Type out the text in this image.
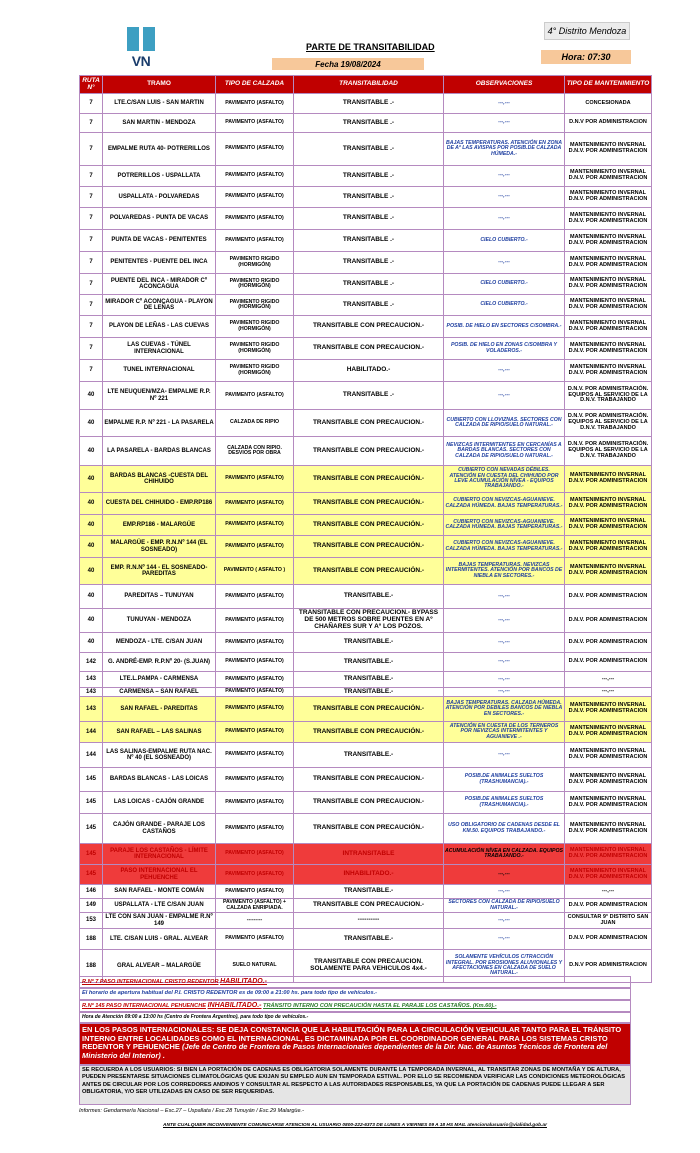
VN
PARTE DE TRANSITABILIDAD
4° Distrito Mendoza
Fecha 19/08/2024
Hora: 07:30
RUTA N°	TRAMO	TIPO DE CALZADA	TRANSITABILIDAD	OBSERVACIONES	TIPO DE MANTENIMIENTO
7	LTE.C/SAN LUIS - SAN MARTIN	PAVIMENTO (ASFALTO)	TRANSITABLE .-	---,---	CONCESIONADA
7	SAN MARTIN - MENDOZA	PAVIMENTO (ASFALTO)	TRANSITABLE .-	---,---	D.N.V POR ADMINISTRACION
7	EMPALME RUTA 40- POTRERILLOS	PAVIMENTO (ASFALTO)	TRANSITABLE .-	BAJAS TEMPERATURAS. ATENCIÓN EN ZONA DE Aº LAS AVISPAS POR POSIB.DE CALZADA HÚMEDA.-	MANTENIMIENTO INVERNAL D.N.V. POR ADMINISTRACION
7	POTRERILLOS - USPALLATA	PAVIMENTO (ASFALTO)	TRANSITABLE .-	---,---	MANTENIMIENTO INVERNAL D.N.V. POR ADMINISTRACION
7	USPALLATA - POLVAREDAS	PAVIMENTO (ASFALTO)	TRANSITABLE .-	---,---	MANTENIMIENTO INVERNAL D.N.V. POR ADMINISTRACION
7	POLVAREDAS - PUNTA DE VACAS	PAVIMENTO (ASFALTO)	TRANSITABLE .-	---,---	MANTENIMIENTO INVERNAL D.N.V. POR ADMINISTRACION
7	PUNTA DE VACAS - PENITENTES	PAVIMENTO (ASFALTO)	TRANSITABLE .-	CIELO CUBIERTO.-	MANTENIMIENTO INVERNAL D.N.V. POR ADMINISTRACION
7	PENITENTES - PUENTE DEL INCA	PAVIMENTO RIGIDO (HORMIGÓN)	TRANSITABLE .-	---,---	MANTENIMIENTO INVERNAL D.N.V. POR ADMINISTRACION
7	PUENTE DEL INCA - MIRADOR Cº ACONCAGUA	PAVIMENTO RIGIDO (HORMIGÓN)	TRANSITABLE .-	CIELO CUBIERTO.-	MANTENIMIENTO INVERNAL D.N.V. POR ADMINISTRACION
7	MIRADOR Cº ACONCAGUA - PLAYON DE LEÑAS	PAVIMENTO RIGIDO (HORMIGÓN)	TRANSITABLE .-	CIELO CUBIERTO.-	MANTENIMIENTO INVERNAL D.N.V. POR ADMINISTRACION
7	PLAYON DE LEÑAS - LAS CUEVAS	PAVIMENTO RIGIDO (HORMIGÓN)	TRANSITABLE CON PRECAUCION.-	POSIB. DE HIELO EN SECTORES C/SOMBRA.-	MANTENIMIENTO INVERNAL D.N.V. POR ADMINISTRACION
7	LAS CUEVAS - TÚNEL INTERNACIONAL	PAVIMENTO RIGIDO (HORMIGÓN)	TRANSITABLE CON PRECAUCION.-	POSIB. DE HIELO EN ZONAS C/SOMBRA Y VOLADEROS.-	MANTENIMIENTO INVERNAL D.N.V. POR ADMINISTRACION
7	TUNEL INTERNACIONAL	PAVIMENTO RIGIDO (HORMIGÓN)	HABILITADO.-	---,---	MANTENIMIENTO INVERNAL D.N.V. POR ADMINISTRACION
40	LTE NEUQUEN/MZA- EMPALME R.P. Nº 221	PAVIMENTO (ASFALTO)	TRANSITABLE .-	---,---	D.N.V. POR ADMINISTRACIÓN. EQUIPOS AL SERVICIO DE LA D.N.V. TRABAJANDO
40	EMPALME R.P. Nº 221 - LA PASARELA	CALZADA DE RIPIO	TRANSITABLE CON PRECAUCION.-	CUBIERTO CON LLOVIZNAS. SECTORES CON CALZADA DE RIPIO/SUELO NATURAL.-	D.N.V. POR ADMINISTRACIÓN. EQUIPOS AL SERVICIO DE LA D.N.V. TRABAJANDO
40	LA PASARELA - BARDAS BLANCAS	CALZADA CON RIPIO. DESVIOS POR OBRA	TRANSITABLE CON PRECAUCION.-	NEVIZCAS INTERMITENTES EN CERCANÍAS A BARDAS BLANCAS. SECTORES CON CALZADA DE RIPIO/SUELO NATURAL.-	D.N.V. POR ADMINISTRACIÓN. EQUIPOS AL SERVICIO DE LA D.N.V. TRABAJANDO
40	BARDAS BLANCAS -CUESTA DEL CHIHUIDO	PAVIMENTO (ASFALTO)	TRANSITABLE CON PRECAUCIÓN.-	CUBIERTO CON NEVADAS DÉBILES. ATENCIÓN EN CUESTA DEL CHIHUIDO POR LEVE ACUMULACIÓN NÍVEA - EQUIPOS TRABAJANDO.-	MANTENIMIENTO INVERNAL D.N.V. POR ADMINISTRACION
40	CUESTA DEL CHIHUIDO - EMP.RP186	PAVIMENTO (ASFALTO)	TRANSITABLE CON PRECAUCIÓN.-	CUBIERTO CON NEVIZCAS-AGUANIEVE. CALZADA HÚMEDA. BAJAS TEMPERATURAS.-	MANTENIMIENTO INVERNAL D.N.V. POR ADMINISTRACION
40	EMP.RP186 - MALARGÜE	PAVIMENTO (ASFALTO)	TRANSITABLE CON PRECAUCIÓN.-	CUBIERTO CON NEVIZCAS-AGUANIEVE. CALZADA HÚMEDA. BAJAS TEMPERATURAS.-	MANTENIMIENTO INVERNAL D.N.V. POR ADMINISTRACION
40	MALARGÜE - EMP. R.N.Nº 144 (EL SOSNEADO)	PAVIMENTO (ASFALTO)	TRANSITABLE CON PRECAUCIÓN.-	CUBIERTO CON NEVIZCAS-AGUANIEVE. CALZADA HÚMEDA. BAJAS TEMPERATURAS.-	MANTENIMIENTO INVERNAL D.N.V. POR ADMINISTRACION
40	EMP. R.N.Nº 144 - EL SOSNEADO- PAREDITAS	PAVIMENTO ( ASFALTO )	TRANSITABLE CON PRECAUCIÓN.-	BAJAS TEMPERATURAS. NEVIZCAS INTERMITENTES. ATENCIÓN POR BANCOS DE NIEBLA EN SECTORES.-	MANTENIMIENTO INVERNAL D.N.V. POR ADMINISTRACION
40	PAREDITAS – TUNUYAN	PAVIMENTO (ASFALTO)	TRANSITABLE.-	---,---	D.N.V. POR ADMINISTRACION
40	TUNUYAN - MENDOZA	PAVIMENTO (ASFALTO)	TRANSITABLE CON PRECAUCION.- BYPASS DE 500 METROS SOBRE PUENTES EN Aº CHAÑARES SUR Y Aº LOS POZOS.	---,---	D.N.V. POR ADMINISTRACION
40	MENDOZA - LTE. C/SAN JUAN	PAVIMENTO (ASFALTO)	TRANSITABLE.-	---,---	D.N.V. POR ADMINISTRACION
142	G. ANDRÉ-EMP. R.P.Nº 20- (S.JUAN)	PAVIMENTO (ASFALTO)	TRANSITABLE.-	---,---	D.N.V. POR ADMINISTRACION
143	LTE.L.PAMPA - CARMENSA	PAVIMENTO (ASFALTO)	TRANSITABLE.-	---,---	---,---
143	CARMENSA – SAN RAFAEL	PAVIMENTO (ASFALTO)	TRANSITABLE.-	---,---	---,---
143	SAN RAFAEL - PAREDITAS	PAVIMENTO (ASFALTO)	TRANSITABLE CON PRECAUCIÓN.-	BAJAS TEMPERATURAS. CALZADA HÚMEDA. ATENCIÓN POR DEBILES BANCOS DE NIEBLA EN SECTORES.-	MANTENIMIENTO INVERNAL D.N.V. POR ADMINISTRACION
144	SAN RAFAEL – LAS SALINAS	PAVIMENTO (ASFALTO)	TRANSITABLE CON PRECAUCIÓN.-	ATENCIÓN EN CUESTA DE LOS TERNEROS POR NEVIZCAS INTERMITENTES Y AGUANIEVE .-	MANTENIMIENTO INVERNAL D.N.V. POR ADMINISTRACION
144	LAS SALINAS-EMPALME RUTA NAC. Nº 40 (EL SOSNEADO)	PAVIMENTO (ASFALTO)	TRANSITABLE.-	---,---	MANTENIMIENTO INVERNAL D.N.V. POR ADMINISTRACION
145	BARDAS BLANCAS - LAS LOICAS	PAVIMENTO (ASFALTO)	TRANSITABLE CON PRECAUCION.-	POSIB.DE ANIMALES SUELTOS (TRASHUMANCIA).-	MANTENIMIENTO INVERNAL D.N.V. POR ADMINISTRACION
145	LAS LOICAS - CAJÓN GRANDE	PAVIMENTO (ASFALTO)	TRANSITABLE CON PRECAUCION.-	POSIB.DE ANIMALES SUELTOS (TRASHUMANCIA).-	MANTENIMIENTO INVERNAL D.N.V. POR ADMINISTRACION
145	CAJÓN GRANDE - PARAJE LOS CASTAÑOS	PAVIMENTO (ASFALTO)	TRANSITABLE CON PRECAUCIÓN.-	USO OBLIGATORIO DE CADENAS DESDE EL KM.50. EQUIPOS TRABAJANDO.-	MANTENIMIENTO INVERNAL D.N.V. POR ADMINISTRACION
145	PARAJE LOS CASTAÑOS - LÍMITE INTERNACIONAL	PAVIMENTO (ASFALTO)	INTRANSITABLE	ACUMULACIÓN NÍVEA EN CALZADA. EQUIPOS TRABAJANDO.-	MANTENIMIENTO INVERNAL D.N.V. POR ADMINISTRACION
145	PASO INTERNACIONAL EL PEHUENCHE	PAVIMENTO (ASFALTO)	INHABILITADO.-	---,---	MANTENIMIENTO INVERNAL D.N.V. POR ADMINISTRACION
146	SAN RAFAEL - MONTE COMÁN	PAVIMENTO (ASFALTO)	TRANSITABLE.-	---,---	---,---
149	USPALLATA - LTE C/SAN JUAN	PAVIMENTO (ASFALTO) + CALZADA ENRIPIADA.	TRANSITABLE CON PRECAUCION.-	SECTORES CON CALZADA DE RIPIO/SUELO NATURAL.-	D.N.V. POR ADMINISTRACION
153	LTE CON SAN JUAN - EMPALME R.Nº 149	---------	----------	---,---	CONSULTAR 9° DISTRITO SAN JUAN
188	LTE. C/SAN LUIS - GRAL. ALVEAR	PAVIMENTO (ASFALTO)	TRANSITABLE.-	---,---	D.N.V. POR ADMINISTRACION
188	GRAL ALVEAR – MALARGÜE	SUELO NATURAL	TRANSITABLE CON PRECAUCION. SOLAMENTE PARA VEHICULOS 4x4.-	SOLAMENTE VEHÍCULOS C/TRACCIÓN INTEGRAL. POR EROSIONES ALUVIONALES Y AFECTACIONES EN CALZADA DE SUELO NATURAL.-	D.N.V POR ADMINISTRACION
R.Nº 7 PASO INTERNACIONAL CRISTO REDENTOR HABILITADO.-
El horario de apertura habitual del P.I. CRISTO REDENTOR es de 09:00 a 21:00 hs. para todo tipo de vehículos.-
R.Nº 145 PASO INTERNACIONAL PEHUENCHE INHABILITADO.- TRÁNSITO INTERNO CON PRECAUCIÓN HASTA EL PARAJE LOS CASTAÑOS. (Km.60).-
Hora de Atención 09:00 a 13:00 hs (Centro de Frontera Argentino), para todo tipo de vehículos.-
EN LOS PASOS INTERNACIONALES: SE DEJA CONSTANCIA QUE LA HABILITACIÓN PARA LA CIRCULACIÓN VEHICULAR TANTO PARA EL TRÁNSITO INTERNO ENTRE LOCALIDADES COMO EL INTERNACIONAL, ES DICTAMINADA POR EL COORDINADOR GENERAL PARA LOS SISTEMAS CRISTO REDENTOR Y PEHUENCHE (Jefe de Centro de Frontera de Pasos Internacionales dependientes de la Dir. Nac. de Asuntos Técnicos de Frontera del Ministerio del Interior) .
SE RECUERDA A LOS USUARIOS: SI BIEN LA PORTACIÓN DE CADENAS ES OBLIGATORIA SOLAMENTE DURANTE LA TEMPORADA INVERNAL, AL TRANSITAR ZONAS DE MONTAÑA Y DE ALTURA, PUEDEN PRESENTARSE SITUACIONES CLIMATOLÓGICAS QUE EXIJAN SU EMPLEO AUN EN TEMPORADA ESTIVAL. POR ELLO SE RECOMIENDA VERIFICAR LAS CONDICIONES METEOROLÓGICAS ANTES DE CIRCULAR POR LOS CORREDORES ANDINOS Y CONSULTAR AL RESPECTO A LAS AUTORIDADES RESPONSABLES, YA QUE LA PORTACIÓN DE CADENAS PUEDE LLEGAR A SER OBLIGATORIA, Y/O SER UTILIZADAS EN CASO DE SER REQUERIDAS.
Informes: Gendarmería Nacional – Esc.27 – Uspallata / Esc.28 Tunuyán / Esc.29 Malargüe.-
ANTE CUALQUIER INCONVENIENTE COMUNICARSE ATENCION AL USUARIO 0800-222-6373 DE LUNES A VIERNES 09 A 18 HS MAIL atencionalusuario@vialidad.gob.ar
